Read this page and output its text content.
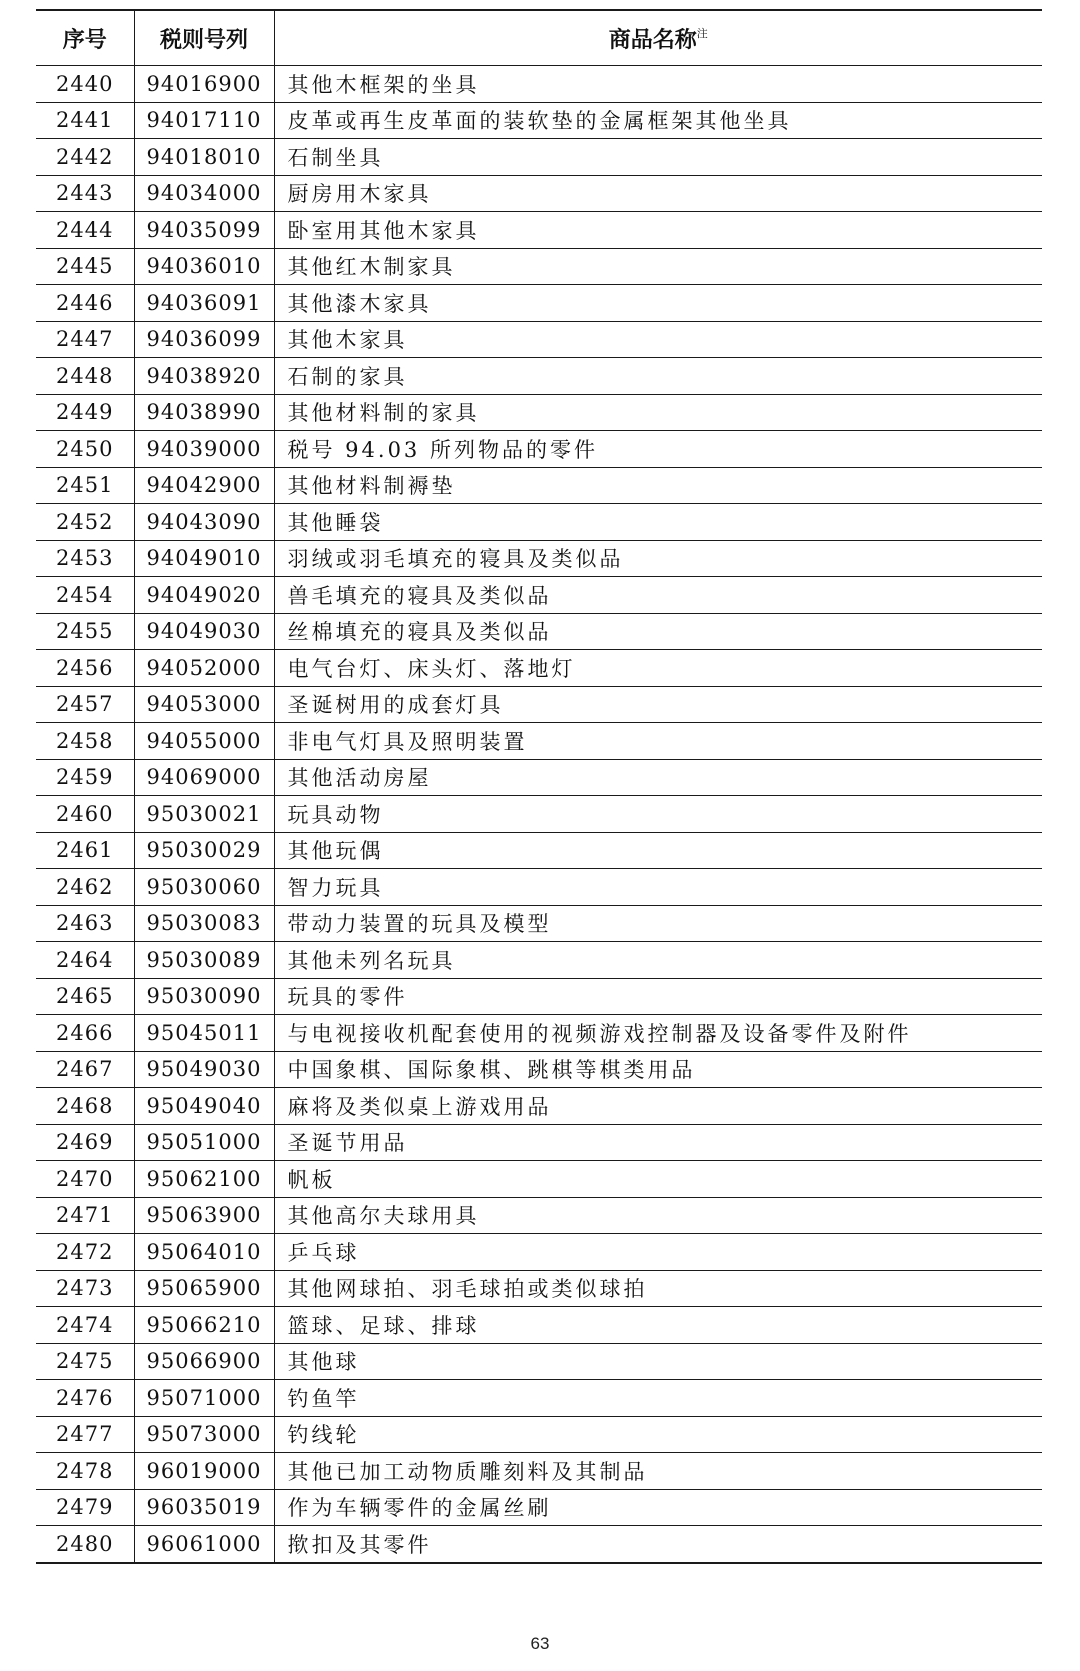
序号	税则号列	商品名称$^注$
2440	94016900	其他木框架的坐具
2441	94017110	皮革或再生皮革面的装软垫的金属框架其他坐具
2442	94018010	石制坐具
2443	94034000	厨房用木家具
2444	94035099	卧室用其他木家具
2445	94036010	其他红木制家具
2446	94036091	其他漆木家具
2447	94036099	其他木家具
2448	94038920	石制的家具
2449	94038990	其他材料制的家具
2450	94039000	税号 94.03 所列物品的零件
2451	94042900	其他材料制褥垫
2452	94043090	其他睡袋
2453	94049010	羽绒或羽毛填充的寝具及类似品
2454	94049020	兽毛填充的寝具及类似品
2455	94049030	丝棉填充的寝具及类似品
2456	94052000	电气台灯、床头灯、落地灯
2457	94053000	圣诞树用的成套灯具
2458	94055000	非电气灯具及照明装置
2459	94069000	其他活动房屋
2460	95030021	玩具动物
2461	95030029	其他玩偶
2462	95030060	智力玩具
2463	95030083	带动力装置的玩具及模型
2464	95030089	其他未列名玩具
2465	95030090	玩具的零件
2466	95045011	与电视接收机配套使用的视频游戏控制器及设备零件及附件
2467	95049030	中国象棋、国际象棋、跳棋等棋类用品
2468	95049040	麻将及类似桌上游戏用品
2469	95051000	圣诞节用品
2470	95062100	帆板
2471	95063900	其他高尔夫球用具
2472	95064010	乒乓球
2473	95065900	其他网球拍、羽毛球拍或类似球拍
2474	95066210	篮球、足球、排球
2475	95066900	其他球
2476	95071000	钓鱼竿
2477	95073000	钓线轮
2478	96019000	其他已加工动物质雕刻料及其制品
2479	96035019	作为车辆零件的金属丝刷
2480	96061000	揿扣及其零件
63
